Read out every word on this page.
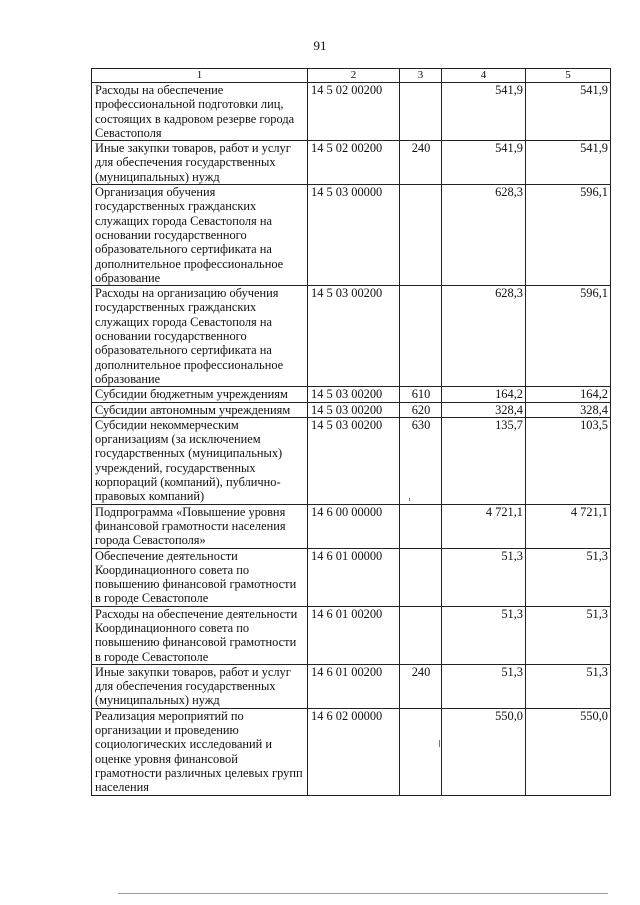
91
1	2	3	4	5
Расходы на обеспечение профессиональной подготовки лиц, состоящих в кадровом резерве города Севастополя	14 5 02 00200		541,9	541,9
Иные закупки товаров, работ и услуг для обеспечения государственных (муниципальных) нужд	14 5 02 00200	240	541,9	541,9
Организация обучения государственных гражданских служащих города Севастополя на основании государственного образовательного сертификата на дополнительное профессиональное образование	14 5 03 00000		628,3	596,1
Расходы на организацию обучения государственных гражданских служащих города Севастополя на основании государственного образовательного сертификата на дополнительное профессиональное образование	14 5 03 00200		628,3	596,1
Субсидии бюджетным учреждениям	14 5 03 00200	610	164,2	164,2
Субсидии автономным учреждениям	14 5 03 00200	620	328,4	328,4
Субсидии некоммерческим организациям (за исключением государственных (муниципальных) учреждений, государственных корпораций (компаний), публично-правовых компаний)	14 5 03 00200	630	135,7	103,5
Подпрограмма «Повышение уровня финансовой грамотности населения города Севастополя»	14 6 00 00000		4 721,1	4 721,1
Обеспечение деятельности Координационного совета по повышению финансовой грамотности в городе Севастополе	14 6 01 00000		51,3	51,3
Расходы на обеспечение деятельности Координационного совета по повышению финансовой грамотности в городе Севастополе	14 6 01 00200		51,3	51,3
Иные закупки товаров, работ и услуг для обеспечения государственных (муниципальных) нужд	14 6 01 00200	240	51,3	51,3
Реализация мероприятий по организации и проведению социологических исследований и оценке уровня финансовой грамотности различных целевых групп населения	14 6 02 00000		550,0	550,0
